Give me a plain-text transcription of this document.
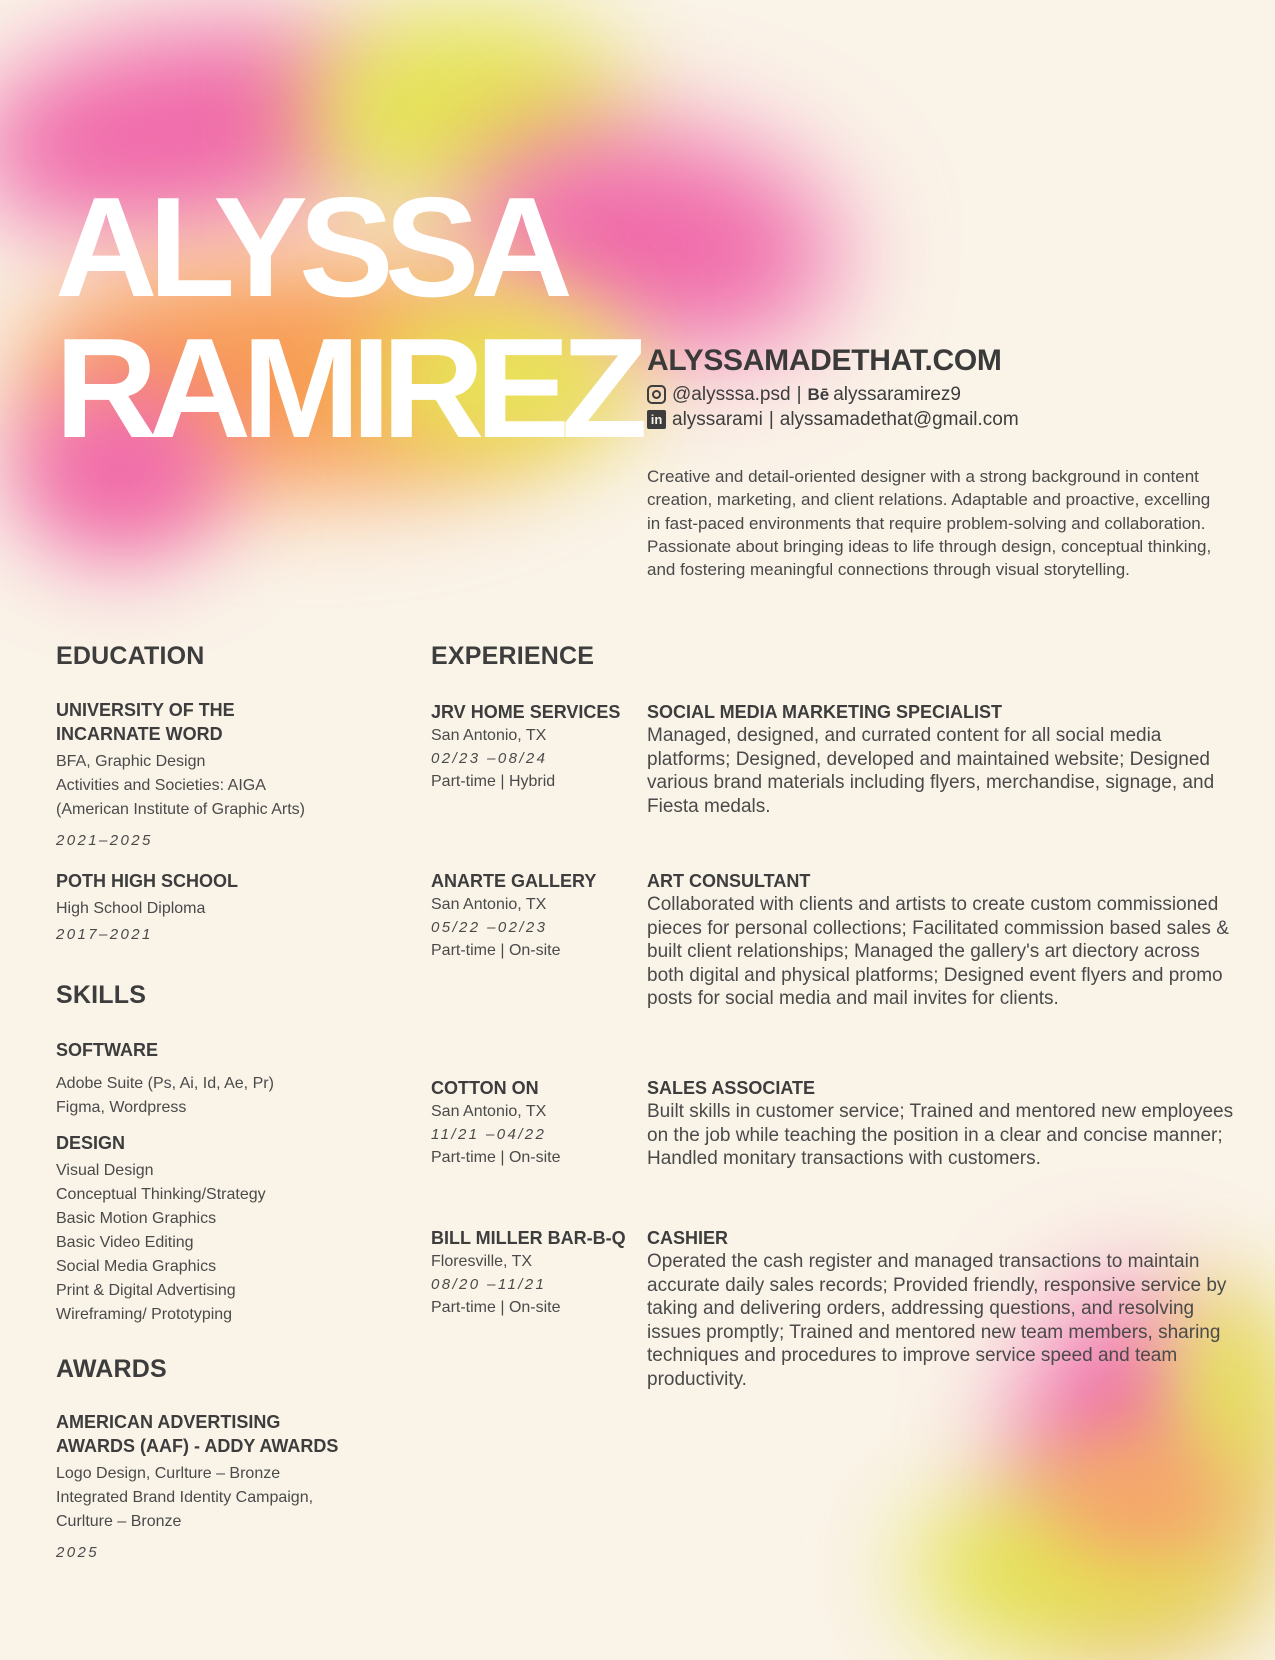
ALYSSA
RAMIREZ ALYSSAMADETHAT.COM

@alysssa.psd | Bē alyssaramirez9
in alyssarami | alyssamadethat@gmail.com

Creative and detail-oriented designer with a strong background in content creation, marketing, and client relations. Adaptable and proactive, excelling in fast-paced environments that require problem-solving and collaboration. Passionate about bringing ideas to life through design, conceptual thinking, and fostering meaningful connections through visual storytelling.

EDUCATION

UNIVERSITY OF THE

INCARNATE WORD

BFA, Graphic Design

Activities and Societies: AIGA

(American Institute of Graphic Arts)

2021–2025

POTH HIGH SCHOOL

High School Diploma

2017–2021

SKILLS

SOFTWARE

Adobe Suite (Ps, Ai, Id, Ae, Pr)

Figma, Wordpress

DESIGN

Visual Design

Conceptual Thinking/Strategy

Basic Motion Graphics

Basic Video Editing

Social Media Graphics

Print & Digital Advertising

Wireframing/ Prototyping

AWARDS

AMERICAN ADVERTISING

AWARDS (AAF) - ADDY AWARDS

Logo Design, Curlture – Bronze

Integrated Brand Identity Campaign,

Curlture – Bronze

2025

EXPERIENCE

JRV HOME SERVICES

San Antonio, TX

02/23 –08/24

Part-time | Hybrid

SOCIAL MEDIA MARKETING SPECIALIST

Managed, designed, and currated content for all social media platforms; Designed, developed and maintained website; Designed various brand materials including flyers, merchandise, signage, and Fiesta medals.

ANARTE GALLERY

San Antonio, TX

05/22 –02/23

Part-time | On-site

ART CONSULTANT

Collaborated with clients and artists to create custom commissioned pieces for personal collections; Facilitated commission based sales & built client relationships; Managed the gallery's art diectory across both digital and physical platforms; Designed event flyers and promo posts for social media and mail invites for clients.

COTTON ON

San Antonio, TX

11/21 –04/22

Part-time | On-site

SALES ASSOCIATE

Built skills in customer service; Trained and mentored new employees on the job while teaching the position in a clear and concise manner; Handled monitary transactions with customers.

BILL MILLER BAR-B-Q

Floresville, TX

08/20 –11/21

Part-time | On-site

CASHIER

Operated the cash register and managed transactions to maintain accurate daily sales records; Provided friendly, responsive service by taking and delivering orders, addressing questions, and resolving issues promptly; Trained and mentored new team members, sharing techniques and procedures to improve service speed and team productivity.
